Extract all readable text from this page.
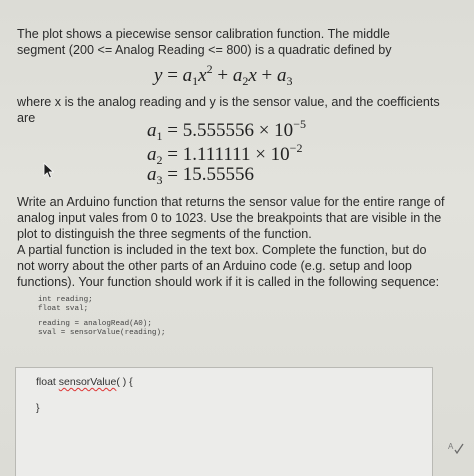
The plot shows a piecewise sensor calibration function. The middle segment (200 <= Analog Reading <= 800) is a quadratic defined by

$y = a_1x^2 + a_2x + a_3$

where x is the analog reading and y is the sensor value, and the coefficients are

$a_1 = 5.555556 \times 10^{-5}$
$a_2 = 1.111111 \times 10^{-2}$
$a_3 = 15.55556$

Write an Arduino function that returns the sensor value for the entire range of analog input vales from 0 to 1023. Use the breakpoints that are visible in the plot to distinguish the three segments of the function.

A partial function is included in the text box. Complete the function, but do not worry about the other parts of an Arduino code (e.g. setup and loop functions). Your function should work if it is called in the following sequence:

int reading;
float sval;
reading = analogRead(A0);
sval = sensorValue(reading);
float sensorValue( ) {
}
A
